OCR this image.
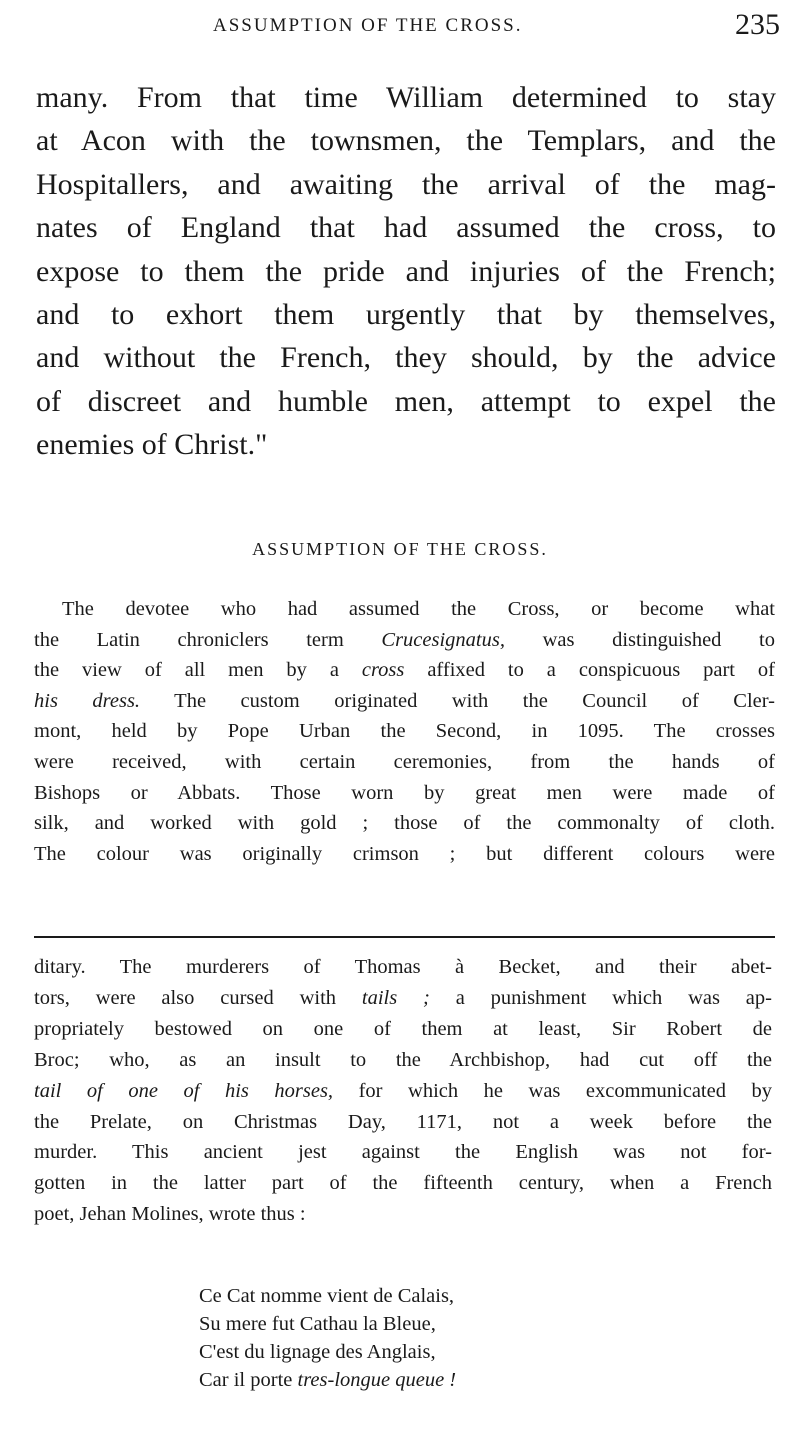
ASSUMPTION OF THE CROSS.	235
many. From that time William determined to stay
at Acon with the townsmen, the Templars, and the
Hospitallers, and awaiting the arrival of the mag-
nates of England that had assumed the cross, to
expose to them the pride and injuries of the French;
and to exhort them urgently that by themselves,
and without the French, they should, by the advice
of discreet and humble men, attempt to expel the
enemies of Christ."
ASSUMPTION OF THE CROSS.
The devotee who had assumed the Cross, or become what
the Latin chroniclers term Crucesignatus, was distinguished to
the view of all men by a cross affixed to a conspicuous part of
his dress. The custom originated with the Council of Cler-
mont, held by Pope Urban the Second, in 1095. The crosses
were received, with certain ceremonies, from the hands of
Bishops or Abbats. Those worn by great men were made of
silk, and worked with gold ; those of the commonalty of cloth.
The colour was originally crimson ; but different colours were
ditary. The murderers of Thomas à Becket, and their abet-
tors, were also cursed with tails ; a punishment which was ap-
propriately bestowed on one of them at least, Sir Robert de
Broc; who, as an insult to the Archbishop, had cut off the
tail of one of his horses, for which he was excommunicated by
the Prelate, on Christmas Day, 1171, not a week before the
murder. This ancient jest against the English was not for-
gotten in the latter part of the fifteenth century, when a French
poet, Jehan Molines, wrote thus :
Ce Cat nomme vient de Calais,
Su mere fut Cathau la Bleue,
C'est du lignage des Anglais,
Car il porte tres-longue queue !
